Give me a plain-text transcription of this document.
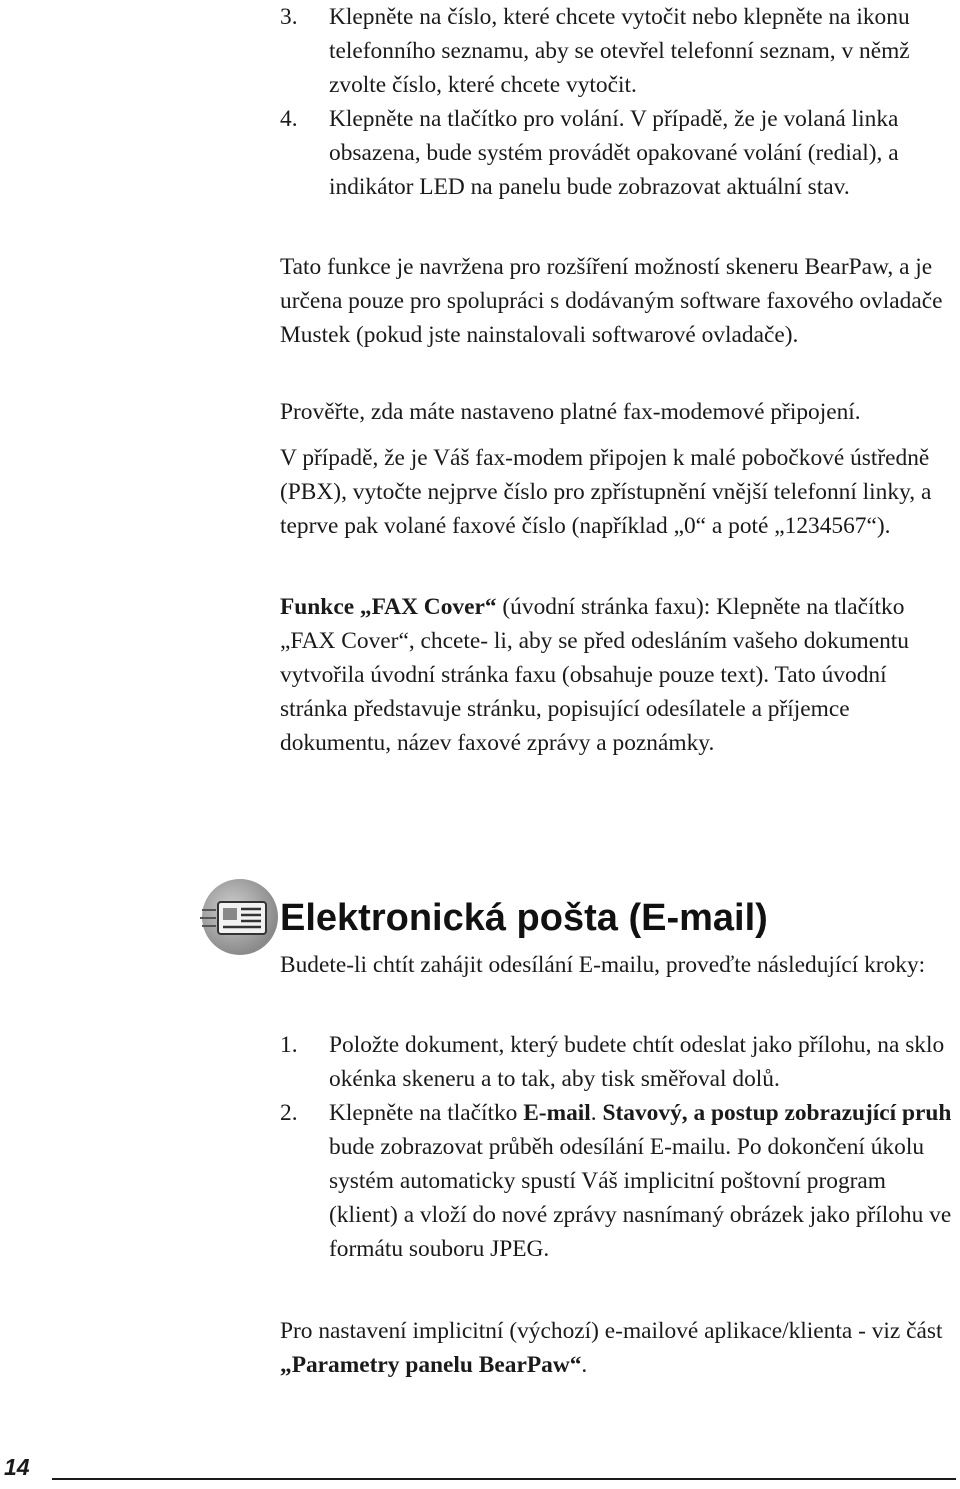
3. Klepněte na číslo, které chcete vytočit nebo klepněte na ikonu telefonního seznamu, aby se otevřel telefonní seznam, v němž zvolte číslo, které chcete vytočit.
4. Klepněte na tlačítko pro volání. V případě, že je volaná linka obsazena, bude systém provádět opakované volání (redial), a indikátor LED na panelu bude zobrazovat aktuální stav.

Tato funkce je navržena pro rozšíření možností skeneru BearPaw, a je určena pouze pro spolupráci s dodávaným software faxového ovladače Mustek (pokud jste nainstalovali softwarové ovladače).

Prověřte, zda máte nastaveno platné fax-modemové připojení.

V případě, že je Váš fax-modem připojen k malé pobočkové ústředně (PBX), vytočte nejprve číslo pro zpřístupnění vnější telefonní linky, a teprve pak volané faxové číslo (například „0“ a poté „1234567“).

Funkce „FAX Cover“ (úvodní stránka faxu): Klepněte na tlačítko „FAX Cover“, chcete- li, aby se před odesláním vašeho dokumentu vytvořila úvodní stránka faxu (obsahuje pouze text). Tato úvodní stránka představuje stránku, popisující odesílatele a příjemce dokumentu, název faxové zprávy a poznámky.

Elektronická pošta (E-mail)

Budete-li chtít zahájit odesílání E-mailu, proveďte následující kroky:

1. Položte dokument, který budete chtít odeslat jako přílohu, na sklo okénka skeneru a to tak, aby tisk směřoval dolů.
2. Klepněte na tlačítko E-mail. Stavový, a postup zobrazující pruh bude zobrazovat průběh odesílání E-mailu. Po dokončení úkolu systém automaticky spustí Váš implicitní poštovní program (klient) a vloží do nové zprávy nasnímaný obrázek jako přílohu ve formátu souboru JPEG.

Pro nastavení implicitní (výchozí) e-mailové aplikace/klienta - viz část „Parametry panelu BearPaw“.

14
